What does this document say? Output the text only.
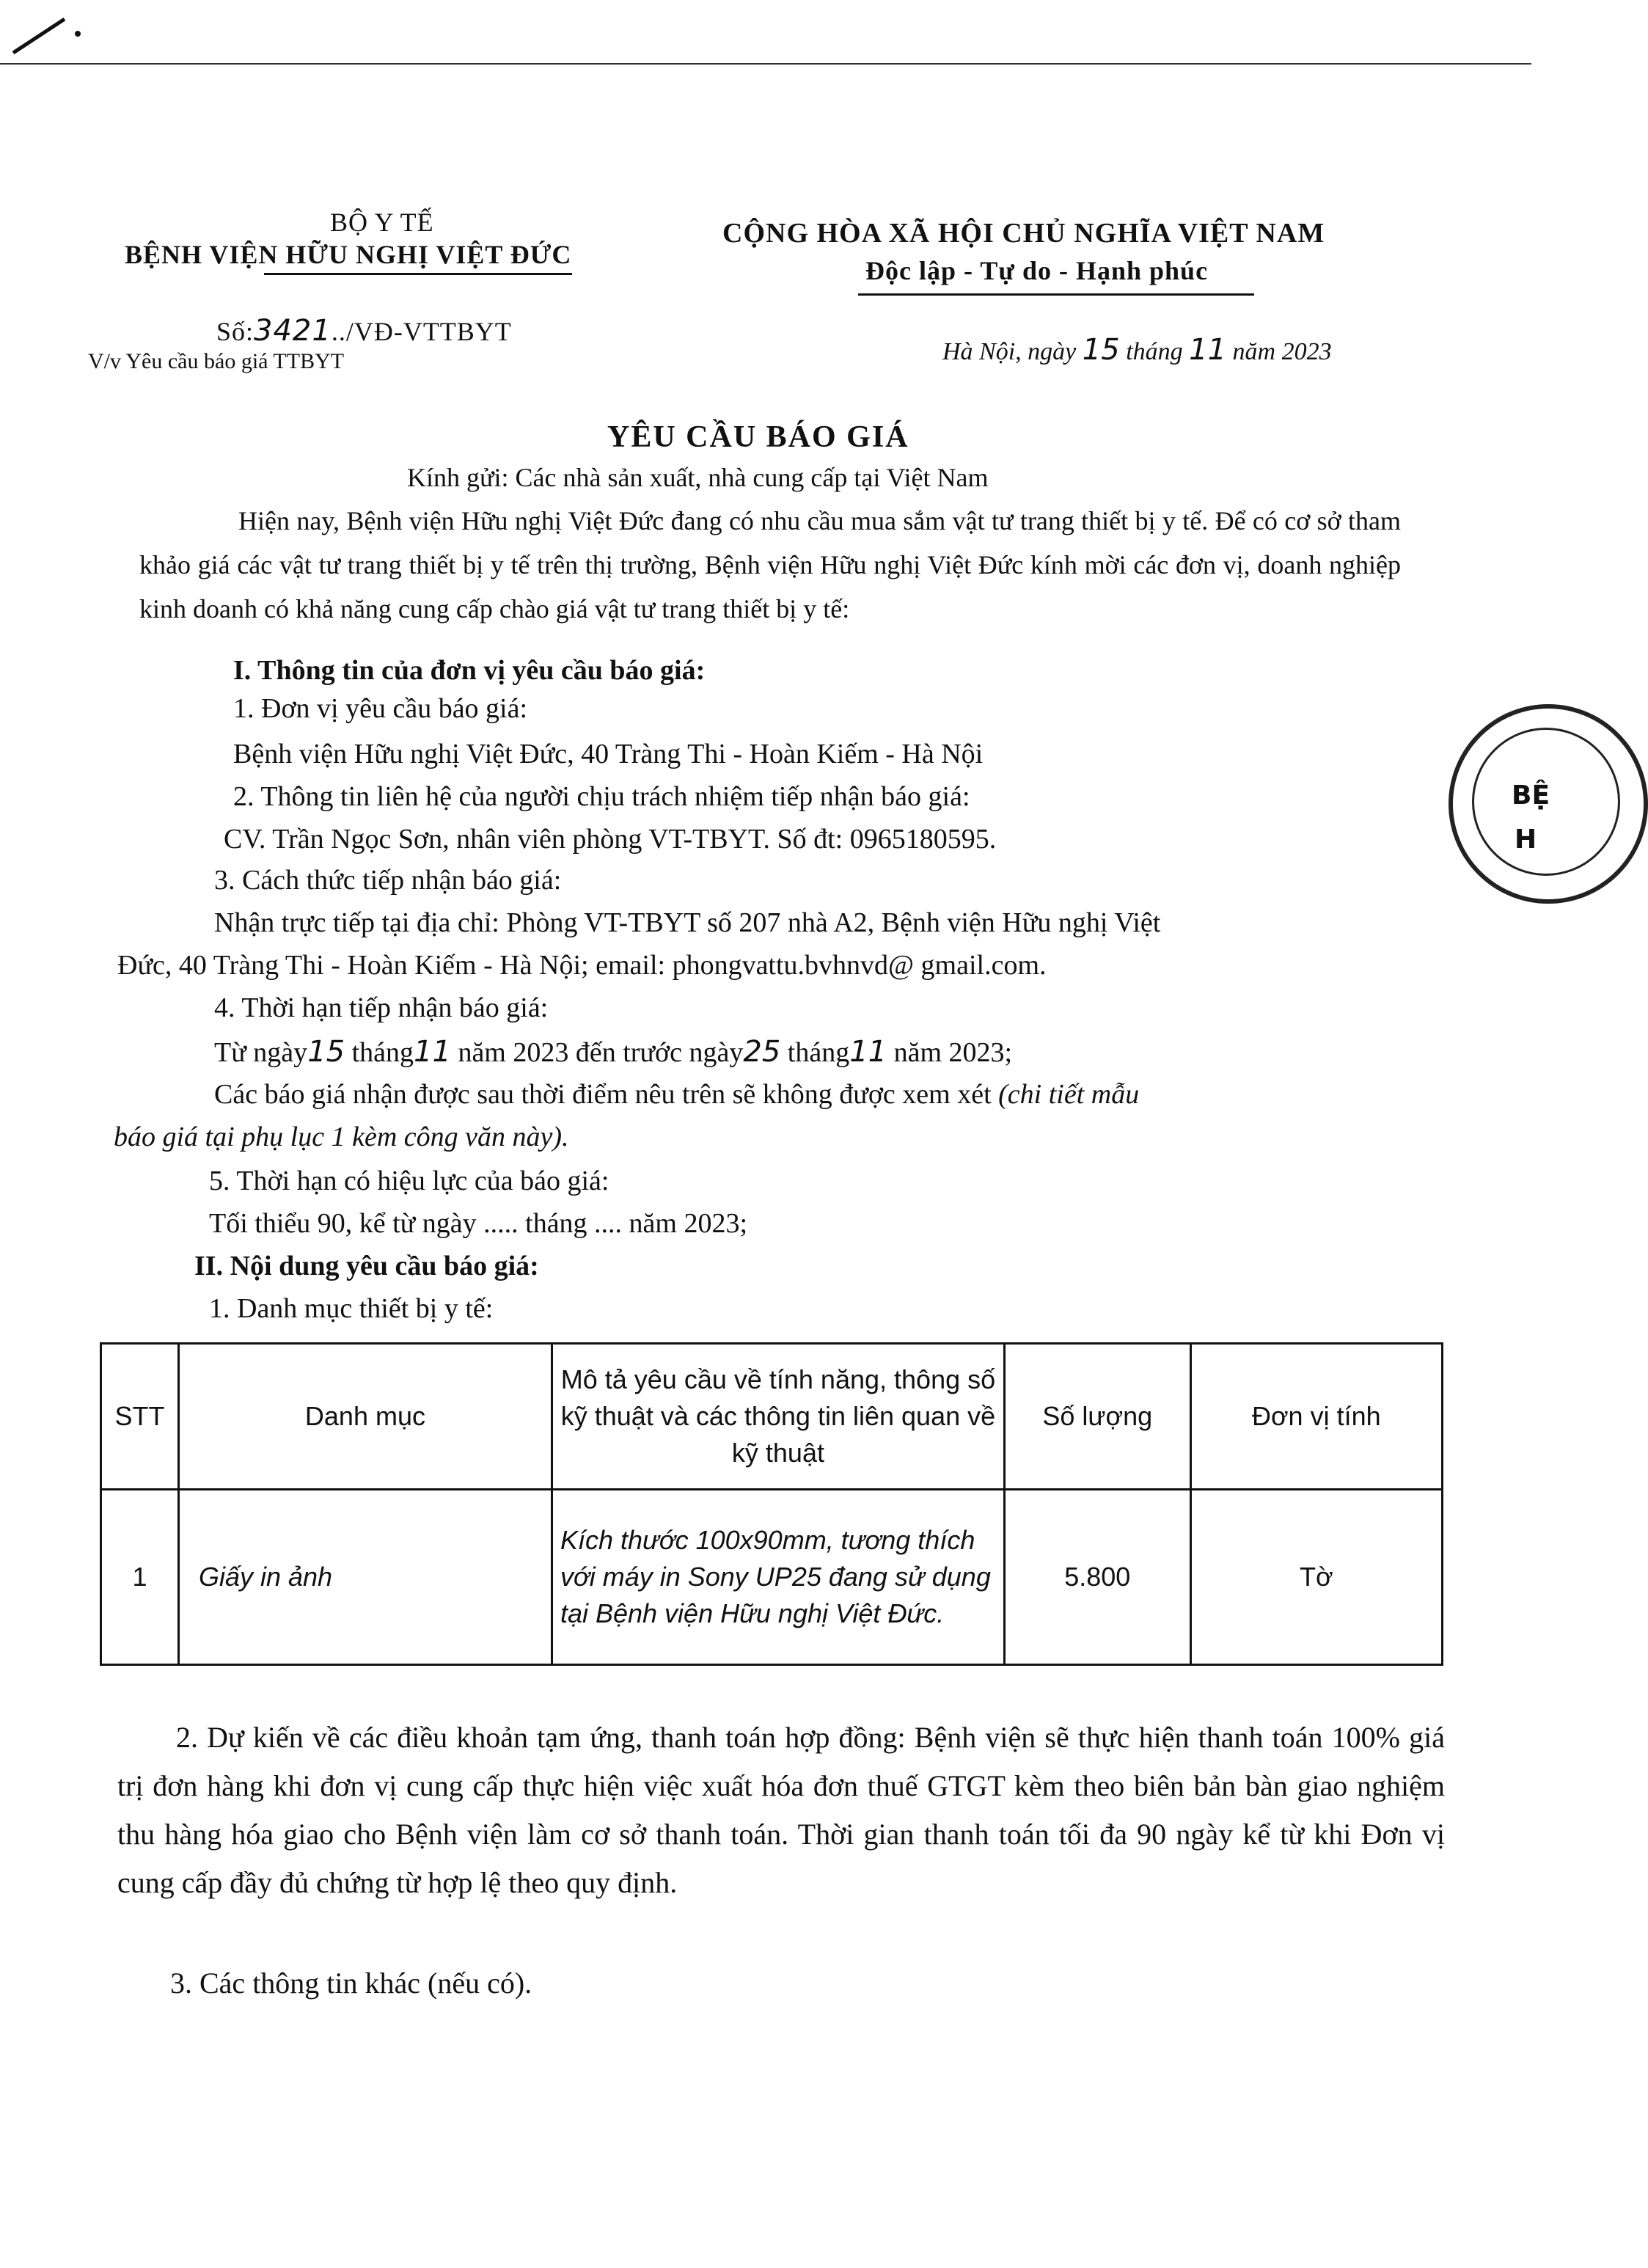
BỘ Y TẾ
BỆNH VIỆN HỮU NGHỊ VIỆT ĐỨC
Số:3421../VĐ-VTTBYT
V/v Yêu cầu báo giá TTBYT
CỘNG HÒA XÃ HỘI CHỦ NGHĨA VIỆT NAM
Độc lập - Tự do - Hạnh phúc
Hà Nội, ngày 15 tháng 11 năm 2023
YÊU CẦU BÁO GIÁ
Kính gửi: Các nhà sản xuất, nhà cung cấp tại Việt Nam
Hiện nay, Bệnh viện Hữu nghị Việt Đức đang có nhu cầu mua sắm vật tư trang thiết bị y tế. Để có cơ sở tham khảo giá các vật tư trang thiết bị y tế trên thị trường, Bệnh viện Hữu nghị Việt Đức kính mời các đơn vị, doanh nghiệp kinh doanh có khả năng cung cấp chào giá vật tư trang thiết bị y tế:
I. Thông tin của đơn vị yêu cầu báo giá:
1. Đơn vị yêu cầu báo giá:
Bệnh viện Hữu nghị Việt Đức, 40 Tràng Thi - Hoàn Kiếm - Hà Nội
2. Thông tin liên hệ của người chịu trách nhiệm tiếp nhận báo giá:
CV. Trần Ngọc Sơn, nhân viên phòng VT-TBYT. Số đt: 0965180595.
3. Cách thức tiếp nhận báo giá:
Nhận trực tiếp tại địa chỉ: Phòng VT-TBYT số 207 nhà A2, Bệnh viện Hữu nghị Việt
Đức, 40 Tràng Thi - Hoàn Kiếm - Hà Nội; email: phongvattu.bvhnvd@ gmail.com.
4. Thời hạn tiếp nhận báo giá:
Từ ngày15 tháng11 năm 2023 đến trước ngày25 tháng11 năm 2023;
Các báo giá nhận được sau thời điểm nêu trên sẽ không được xem xét (chi tiết mẫu
báo giá tại phụ lục 1 kèm công văn này).
5. Thời hạn có hiệu lực của báo giá:
Tối thiểu 90, kể từ ngày ..... tháng .... năm 2023;
II. Nội dung yêu cầu báo giá:
1. Danh mục thiết bị y tế:
STT	Danh mục	Mô tả yêu cầu về tính năng, thông số kỹ thuật và các thông tin liên quan về kỹ thuật	Số lượng	Đơn vị tính
1	Giấy in ảnh	Kích thước 100x90mm, tương thích với máy in Sony UP25 đang sử dụng tại Bệnh viện Hữu nghị Việt Đức.	5.800	Tờ
2. Dự kiến về các điều khoản tạm ứng, thanh toán hợp đồng: Bệnh viện sẽ thực hiện thanh toán 100% giá trị đơn hàng khi đơn vị cung cấp thực hiện việc xuất hóa đơn thuế GTGT kèm theo biên bản bàn giao nghiệm thu hàng hóa giao cho Bệnh viện làm cơ sở thanh toán. Thời gian thanh toán tối đa 90 ngày kể từ khi Đơn vị cung cấp đầy đủ chứng từ hợp lệ theo quy định.
3. Các thông tin khác (nếu có).
BỆ
H
